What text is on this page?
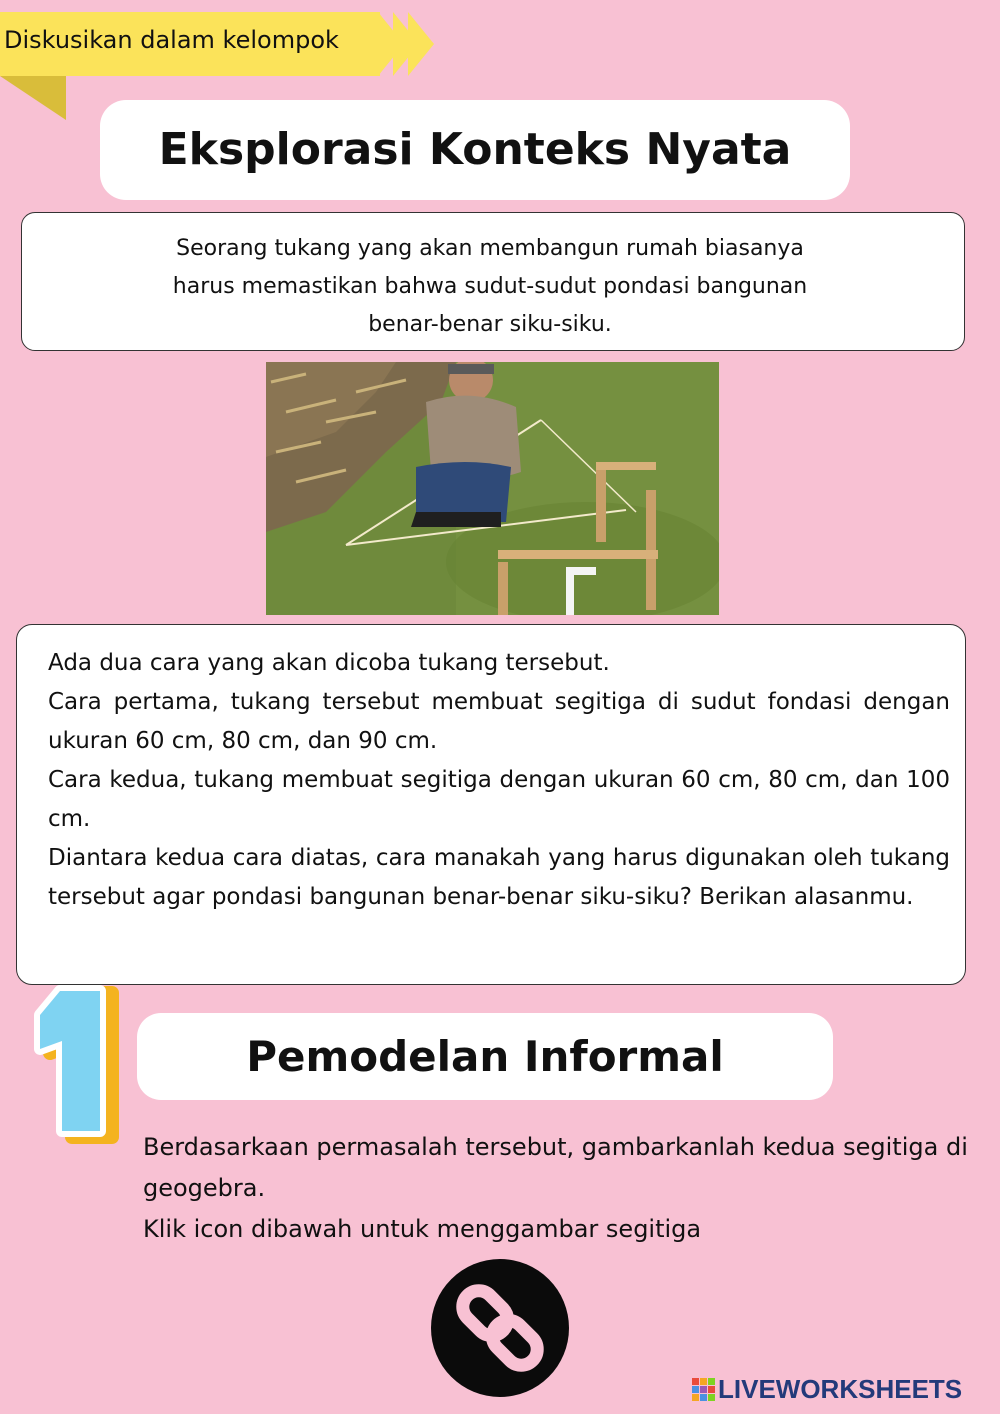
Diskusikan dalam kelompok
Eksplorasi Konteks Nyata
Seorang tukang yang akan membangun rumah biasanya
harus memastikan bahwa sudut-sudut pondasi bangunan
benar-benar siku-siku.

Ada dua cara yang akan dicoba tukang tersebut.

Cara pertama, tukang tersebut membuat segitiga di sudut fondasi dengan ukuran 60 cm, 80 cm, dan 90 cm.

Cara kedua, tukang membuat segitiga dengan ukuran 60 cm, 80 cm, dan 100 cm.

Diantara kedua cara diatas, cara manakah yang harus digunakan oleh tukang tersebut agar pondasi bangunan benar-benar siku-siku? Berikan alasanmu.

Pemodelan Informal

Berdasarkaan permasalah tersebut, gambarkanlah kedua segitiga di geogebra.

Klik icon dibawah untuk menggambar segitiga

LIVEWORKSHEETS
